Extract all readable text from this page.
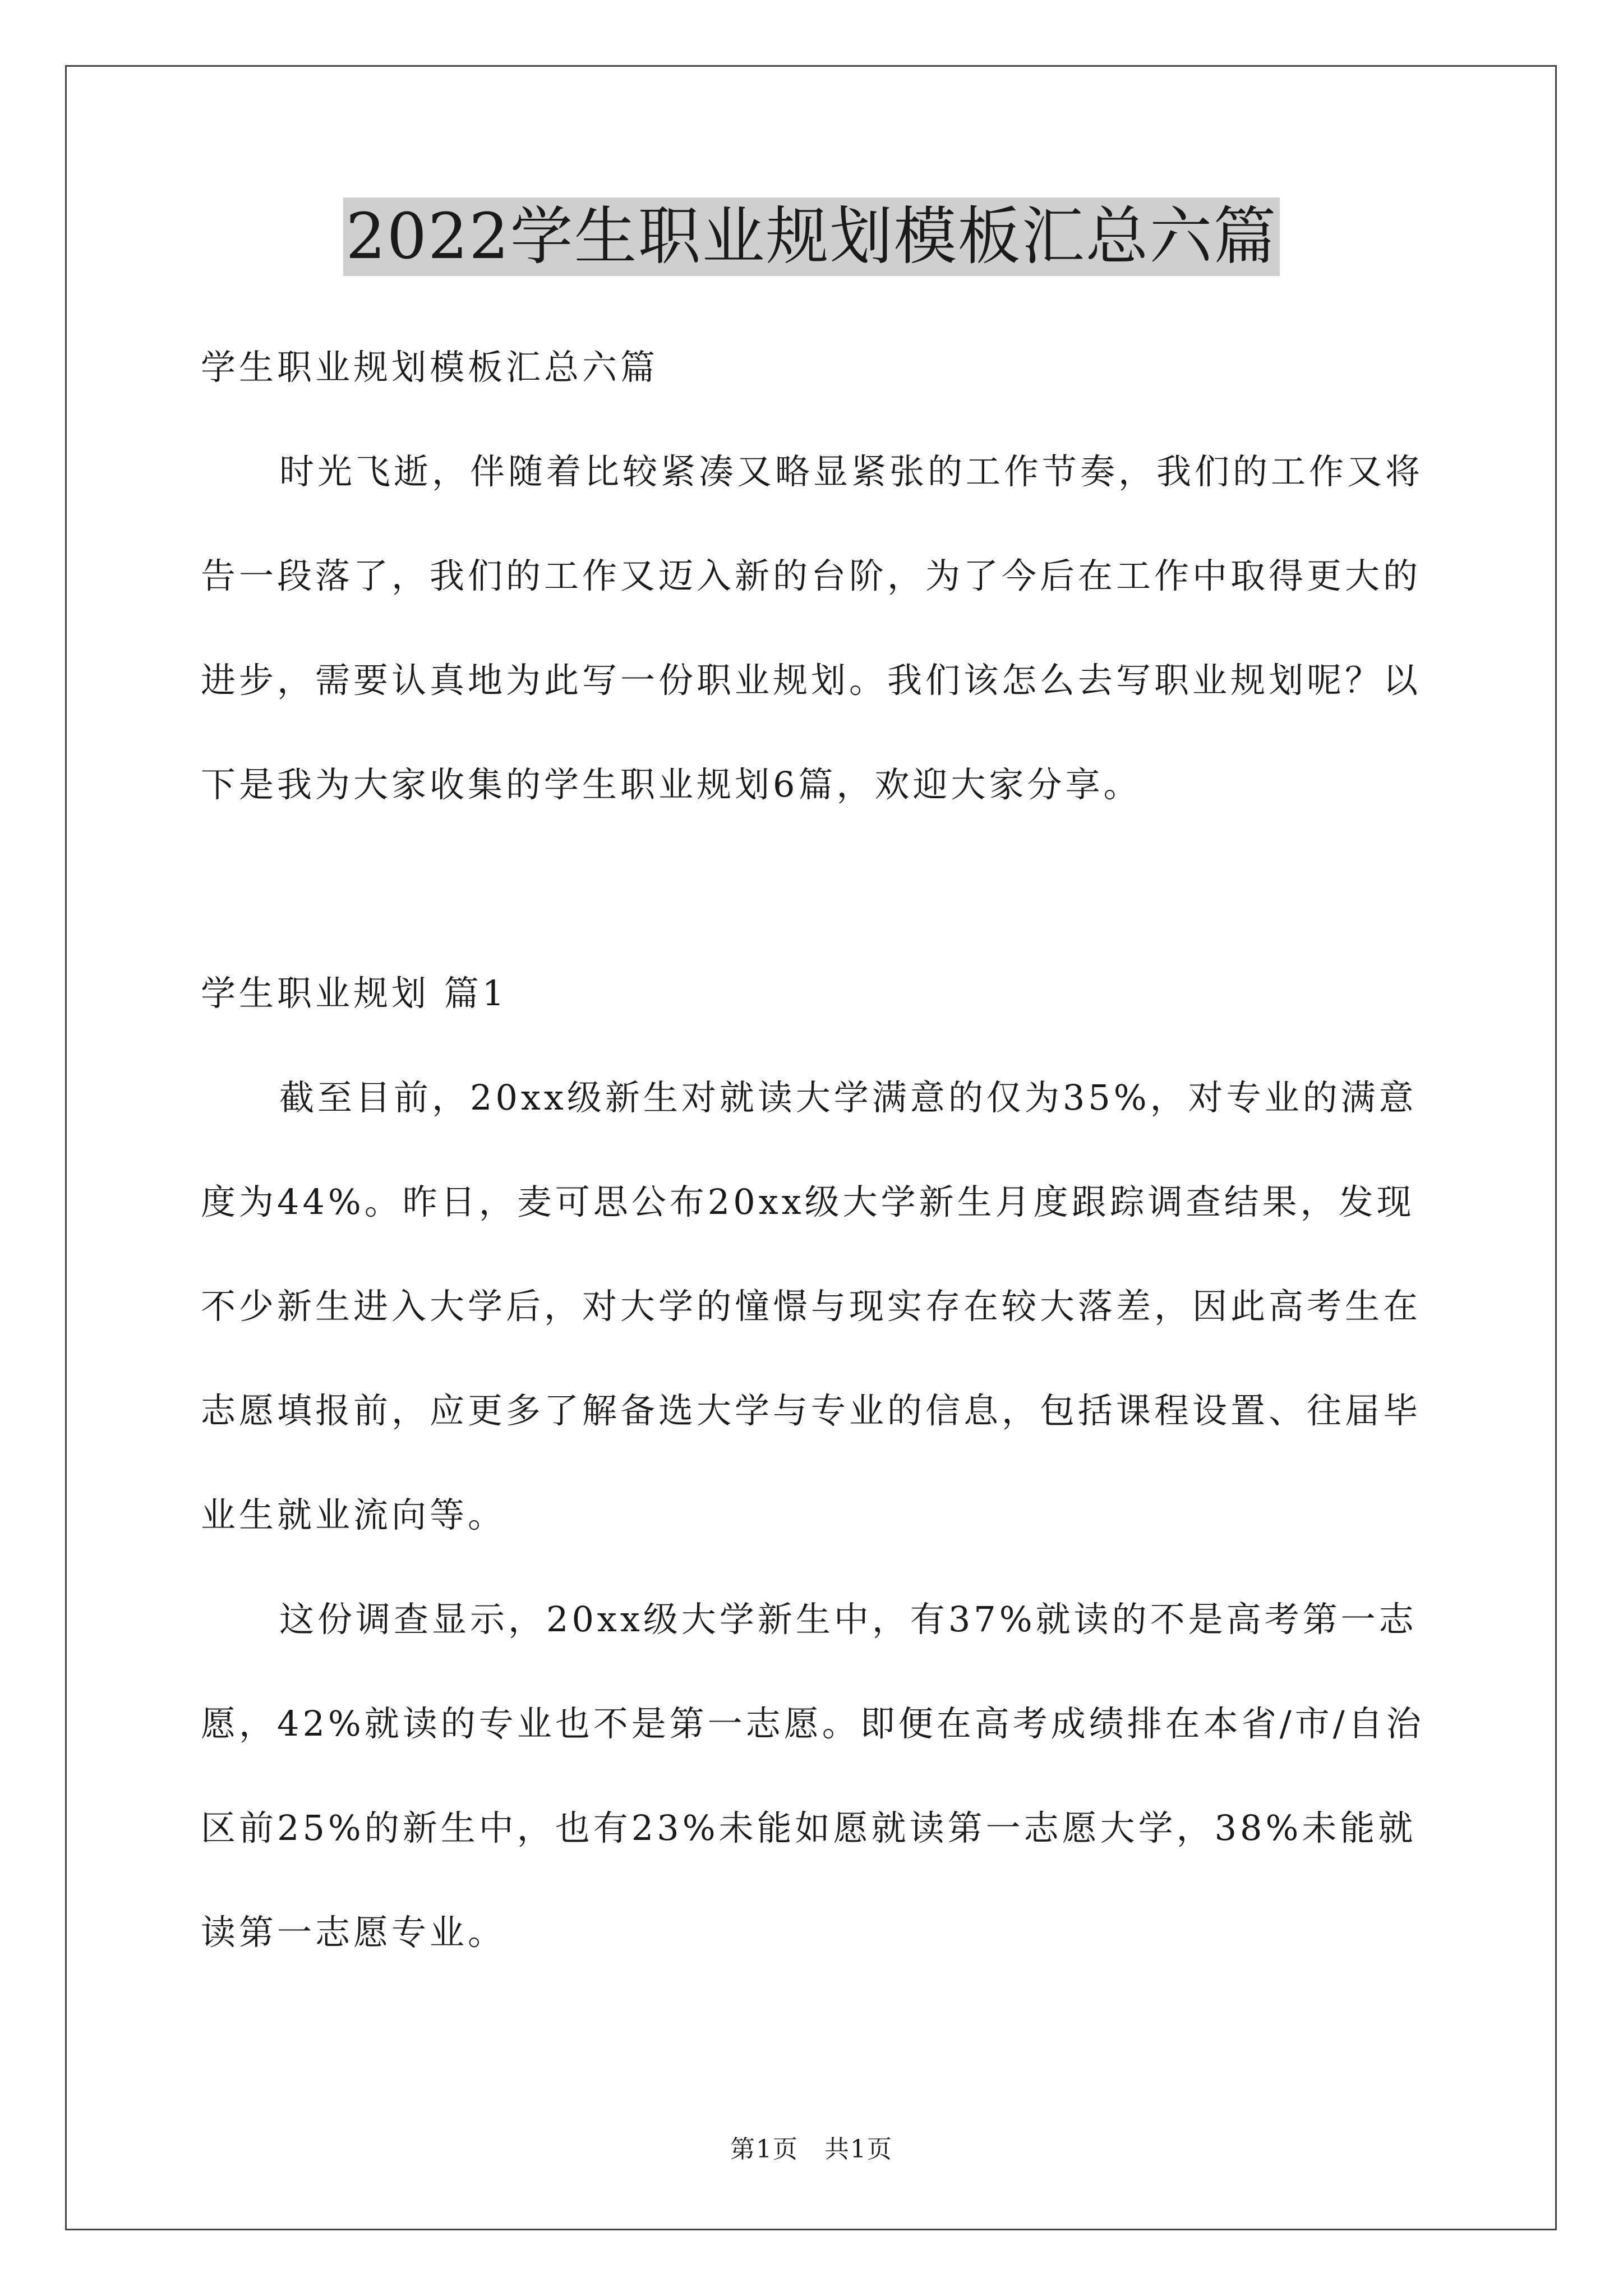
2022学生职业规划模板汇总六篇

学生职业规划模板汇总六篇

时光飞逝，伴随着比较紧凑又略显紧张的工作节奏，我们的工作又将告一段落了，我们的工作又迈入新的台阶，为了今后在工作中取得更大的进步，需要认真地为此写一份职业规划。我们该怎么去写职业规划呢？以下是我为大家收集的学生职业规划6篇，欢迎大家分享。

学生职业规划 篇1

截至目前，20xx级新生对就读大学满意的仅为35%，对专业的满意度为44%。昨日，麦可思公布20xx级大学新生月度跟踪调查结果，发现不少新生进入大学后，对大学的憧憬与现实存在较大落差，因此高考生在志愿填报前，应更多了解备选大学与专业的信息，包括课程设置、往届毕业生就业流向等。

这份调查显示，20xx级大学新生中，有37%就读的不是高考第一志愿，42%就读的专业也不是第一志愿。即便在高考成绩排在本省/市/自治区前25%的新生中，也有23%未能如愿就读第一志愿大学，38%未能就读第一志愿专业。

第1页　共1页
